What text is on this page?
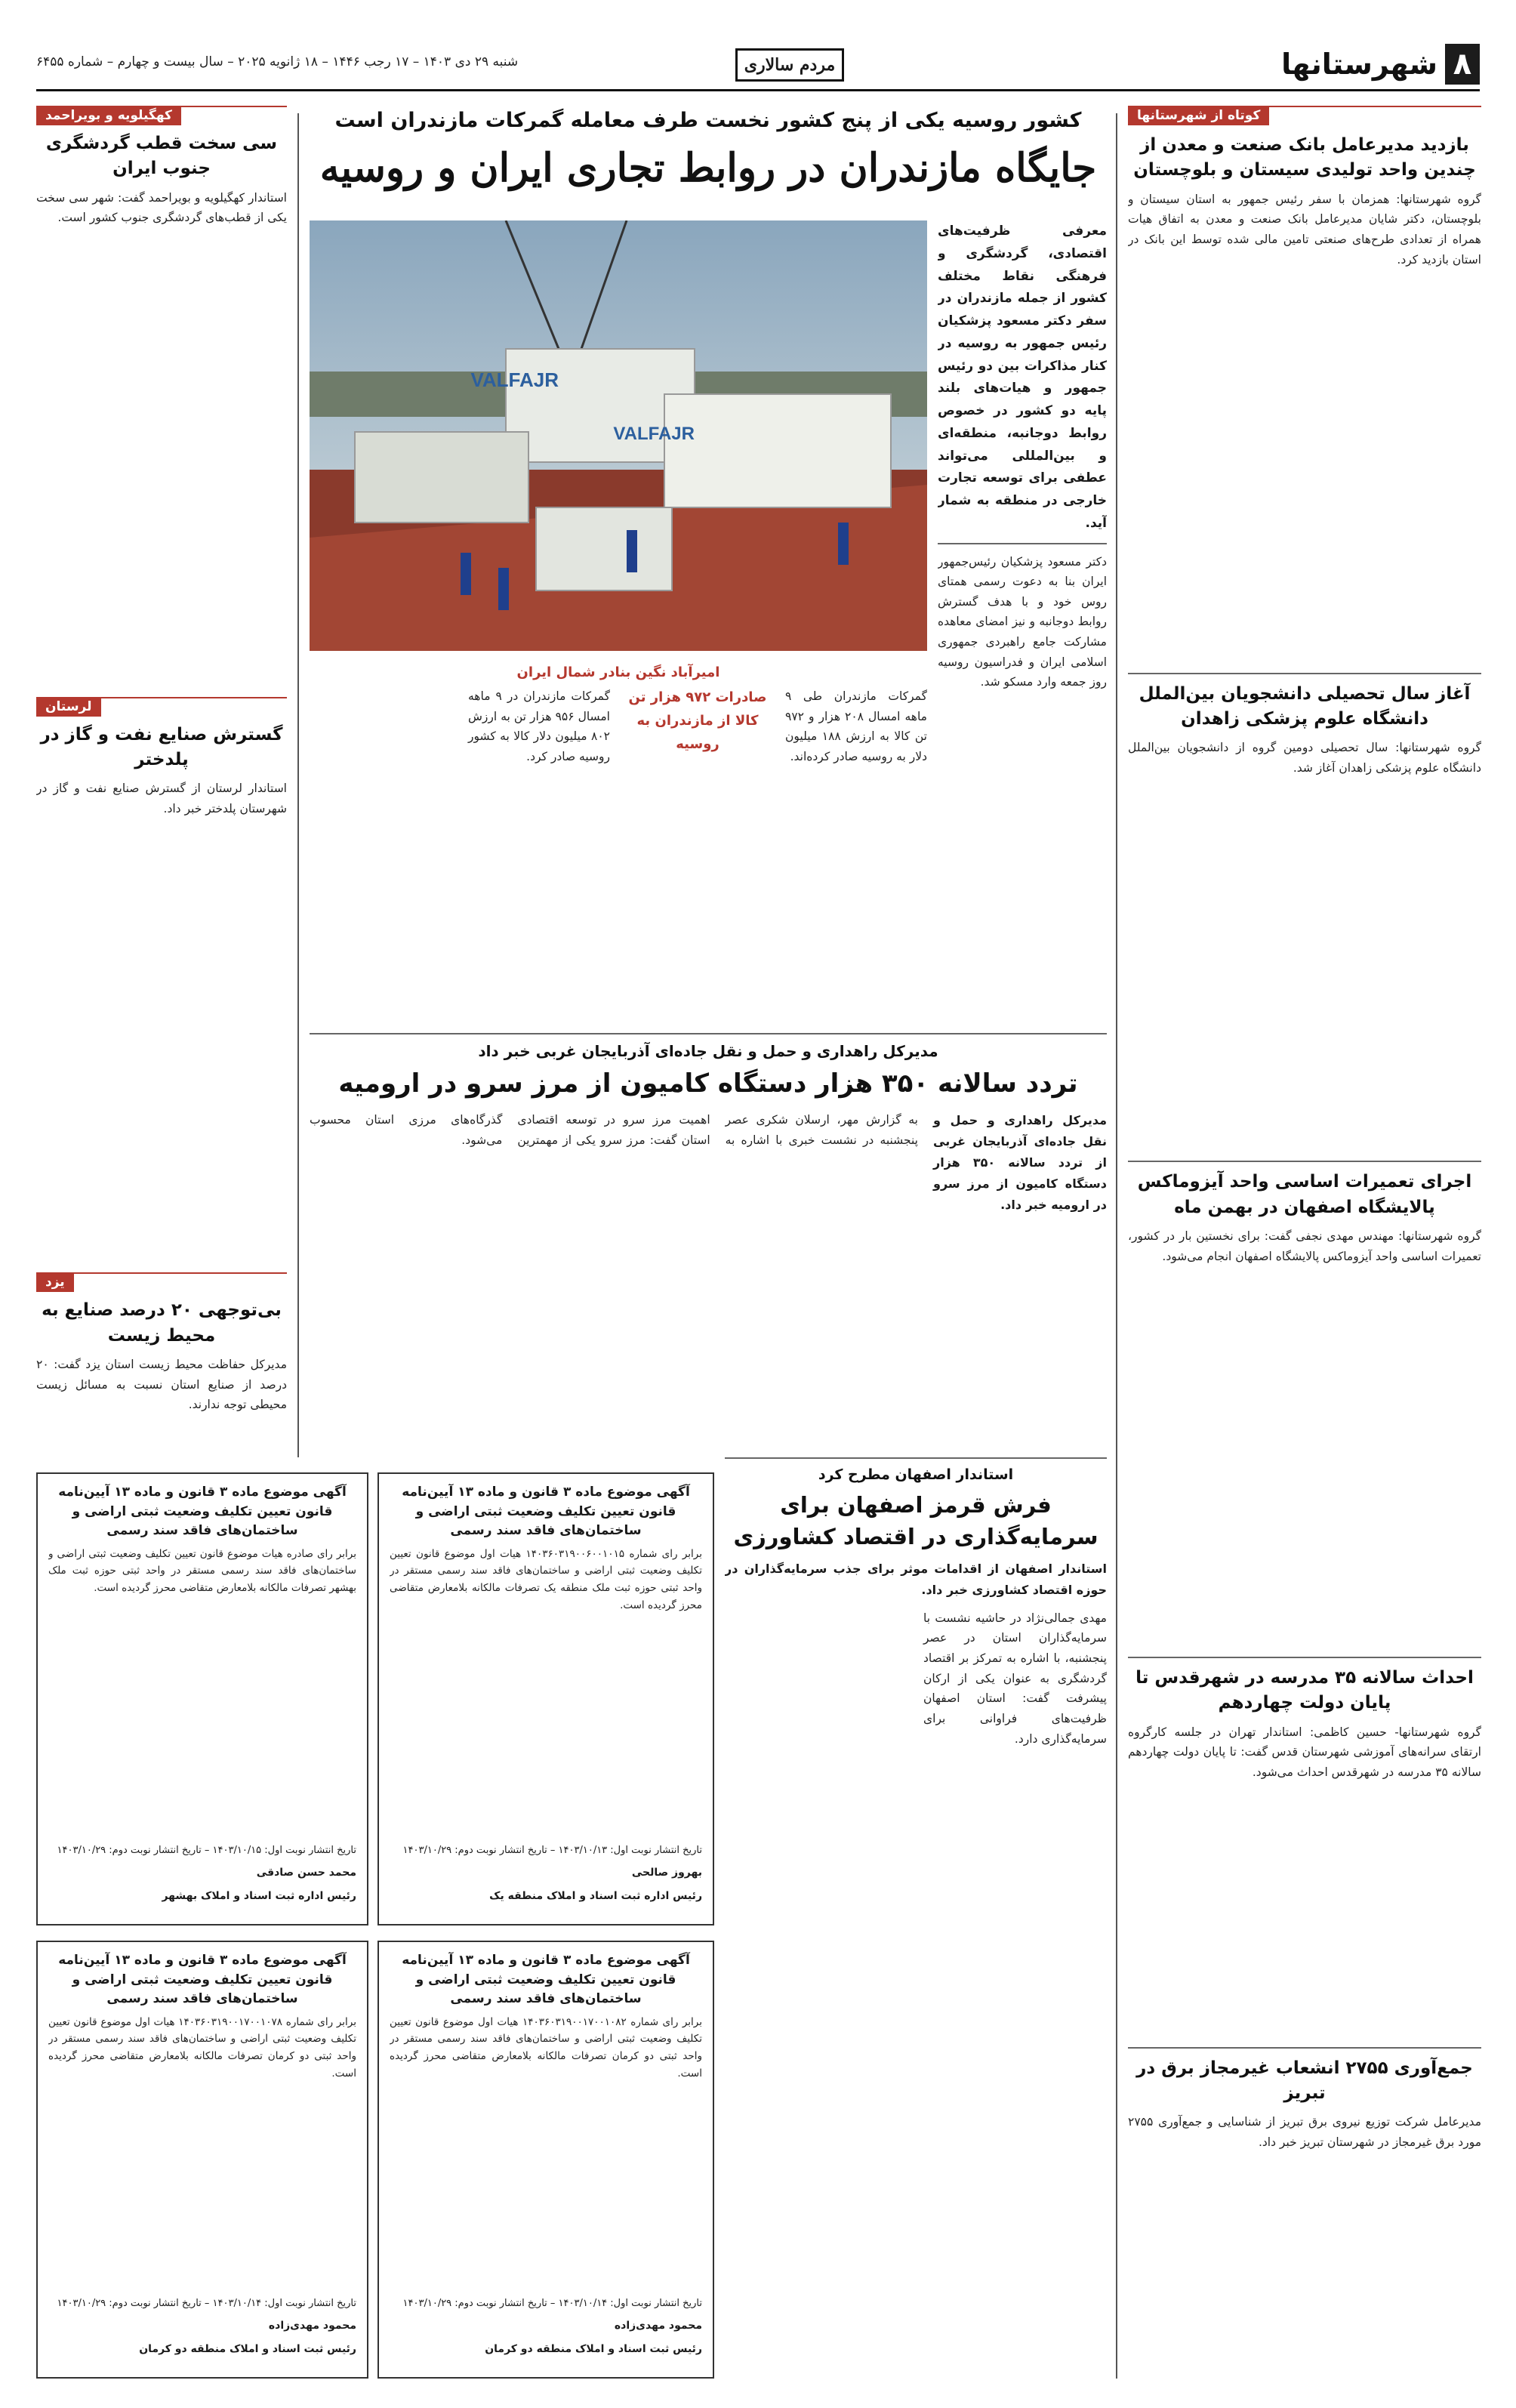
۸
شهرستانها
مردم سالاری
شنبه ۲۹ دی ۱۴۰۳ – ۱۷ رجب ۱۴۴۶ – ۱۸ ژانویه ۲۰۲۵ – سال بیست و چهارم – شماره ۶۴۵۵
کوتاه از شهرستانها
بازدید مدیرعامل بانک صنعت و معدن از چندین واحد تولیدی سیستان و بلوچستان

گروه شهرستانها: همزمان با سفر رئیس جمهور به استان سیستان و بلوچستان، دکتر شایان مدیرعامل بانک صنعت و معدن به اتفاق هیات همراه از تعدادی طرح‌های صنعتی تامین مالی شده توسط این بانک در استان بازدید کرد.

آغاز سال تحصیلی دانشجویان بین‌الملل دانشگاه علوم پزشکی زاهدان

گروه شهرستانها: سال تحصیلی دومین گروه از دانشجویان بین‌الملل دانشگاه علوم پزشکی زاهدان آغاز شد.

اجرای تعمیرات اساسی واحد آیزوماکس پالایشگاه اصفهان در بهمن ماه

گروه شهرستانها: مهندس مهدی نجفی گفت: برای نخستین بار در کشور، تعمیرات اساسی واحد آیزوماکس پالایشگاه اصفهان انجام می‌شود.

احداث سالانه ۳۵ مدرسه در شهرقدس تا پایان دولت چهاردهم

گروه شهرستانها- حسین کاظمی: استاندار تهران در جلسه کارگروه ارتقای سرانه‌های آموزشی شهرستان قدس گفت: تا پایان دولت چهاردهم سالانه ۳۵ مدرسه در شهرقدس احداث می‌شود.

جمع‌آوری ۲۷۵۵ انشعاب غیرمجاز برق در تبریز

مدیرعامل شرکت توزیع نیروی برق تبریز از شناسایی و جمع‌آوری ۲۷۵۵ مورد برق غیرمجاز در شهرستان تبریز خبر داد.

کشور روسیه یکی از پنج کشور نخست طرف معامله گمرکات مازندران است
جایگاه مازندران در روابط تجاری ایران و روسیه
معرفی ظرفیت‌های اقتصادی، گردشگری و فرهنگی نقاط مختلف کشور از جمله مازندران در سفر دکتر مسعود پزشکیان رئیس جمهور به روسیه در کنار مذاکرات بین دو رئیس جمهور و هیات‌های بلند پایه دو کشور در خصوص روابط دوجانبه، منطقه‌ای و بین‌المللی می‌تواند عطفی برای توسعه تجارت خارجی در منطقه به شمار آید.
دکتر مسعود پزشکیان رئیس‌جمهور ایران بنا به دعوت رسمی همتای روس خود و با هدف گسترش روابط دوجانبه و نیز امضای معاهده مشارکت جامع راهبردی جمهوری اسلامی ایران و فدراسیون روسیه روز جمعه وارد مسکو شد.
VALFAJR
VALFAJR
امیرآباد نگین بنادر شمال ایران

گمرکات مازندران طی ۹ ماهه امسال ۲۰۸ هزار و ۹۷۲ تن کالا به ارزش ۱۸۸ میلیون دلار به روسیه صادر کرده‌اند.

صادرات ۹۷۲ هزار تن کالا از مازندران به روسیه

گمرکات مازندران در ۹ ماهه امسال ۹۵۶ هزار تن به ارزش ۸۰۲ میلیون دلار کالا به کشور روسیه صادر کرد.

کهگیلویه و بویراحمد
سی سخت قطب گردشگری جنوب ایران

استاندار کهگیلویه و بویراحمد گفت: شهر سی سخت یکی از قطب‌های گردشگری جنوب کشور است.

لرستان
گسترش صنایع نفت و گاز در پلدختر

استاندار لرستان از گسترش صنایع نفت و گاز در شهرستان پلدختر خبر داد.

یزد
بی‌توجهی ۲۰ درصد صنایع به محیط زیست

مدیرکل حفاظت محیط زیست استان یزد گفت: ۲۰ درصد از صنایع استان نسبت به مسائل زیست محیطی توجه ندارند.

مدیرکل راهداری و حمل و نقل جاده‌ای آذربایجان غربی خبر داد
تردد سالانه ۳۵۰ هزار دستگاه کامیون از مرز سرو در ارومیه
مدیرکل راهداری و حمل و نقل جاده‌ای آذربایجان غربی از تردد سالانه ۳۵۰ هزار دستگاه کامیون از مرز سرو در ارومیه خبر داد.

به گزارش مهر، ارسلان شکری عصر پنجشنبه در نشست خبری با اشاره به اهمیت مرز سرو در توسعه اقتصادی استان گفت: مرز سرو یکی از مهمترین گذرگاه‌های مرزی استان محسوب می‌شود.

استاندار اصفهان مطرح کرد
فرش قرمز اصفهان برای سرمایه‌گذاری در اقتصاد کشاورزی
استاندار اصفهان از اقدامات موثر برای جذب سرمایه‌گذاران در حوزه اقتصاد کشاورزی خبر داد.

مهدی جمالی‌نژاد در حاشیه نشست با سرمایه‌گذاران استان در عصر پنجشنبه، با اشاره به تمرکز بر اقتصاد گردشگری به عنوان یکی از ارکان پیشرفت گفت: استان اصفهان ظرفیت‌های فراوانی برای سرمایه‌گذاری دارد.

آگهی موضوع ماده ۳ قانون و ماده ۱۳ آیین‌نامه قانون تعیین تکلیف وضعیت ثبتی اراضی و ساختمان‌های فاقد سند رسمی
برابر رای صادره هیات موضوع قانون تعیین تکلیف وضعیت ثبتی اراضی و ساختمان‌های فاقد سند رسمی مستقر در واحد ثبتی حوزه ثبت ملک بهشهر تصرفات مالکانه بلامعارض متقاضی محرز گردیده است.
تاریخ انتشار نوبت اول: ۱۴۰۳/۱۰/۱۵ – تاریخ انتشار نوبت دوم: ۱۴۰۳/۱۰/۲۹
محمد حسن صادقی
رئیس اداره ثبت اسناد و املاک بهشهر
آگهی موضوع ماده ۳ قانون و ماده ۱۳ آیین‌نامه قانون تعیین تکلیف وضعیت ثبتی اراضی و ساختمان‌های فاقد سند رسمی
برابر رای شماره ۱۴۰۳۶۰۳۱۹۰۰۶۰۰۱۰۱۵ هیات اول موضوع قانون تعیین تکلیف وضعیت ثبتی اراضی و ساختمان‌های فاقد سند رسمی مستقر در واحد ثبتی حوزه ثبت ملک منطقه یک تصرفات مالکانه بلامعارض متقاضی محرز گردیده است.
تاریخ انتشار نوبت اول: ۱۴۰۳/۱۰/۱۳ – تاریخ انتشار نوبت دوم: ۱۴۰۳/۱۰/۲۹
بهروز صالحی
رئیس اداره ثبت اسناد و املاک منطقه یک
آگهی موضوع ماده ۳ قانون و ماده ۱۳ آیین‌نامه قانون تعیین تکلیف وضعیت ثبتی اراضی و ساختمان‌های فاقد سند رسمی
برابر رای شماره ۱۴۰۳۶۰۳۱۹۰۰۱۷۰۰۱۰۷۸ هیات اول موضوع قانون تعیین تکلیف وضعیت ثبتی اراضی و ساختمان‌های فاقد سند رسمی مستقر در واحد ثبتی دو کرمان تصرفات مالکانه بلامعارض متقاضی محرز گردیده است.
تاریخ انتشار نوبت اول: ۱۴۰۳/۱۰/۱۴ – تاریخ انتشار نوبت دوم: ۱۴۰۳/۱۰/۲۹
محمود مهدی‌زاده
رئیس ثبت اسناد و املاک منطقه دو کرمان
آگهی موضوع ماده ۳ قانون و ماده ۱۳ آیین‌نامه قانون تعیین تکلیف وضعیت ثبتی اراضی و ساختمان‌های فاقد سند رسمی
برابر رای شماره ۱۴۰۳۶۰۳۱۹۰۰۱۷۰۰۱۰۸۲ هیات اول موضوع قانون تعیین تکلیف وضعیت ثبتی اراضی و ساختمان‌های فاقد سند رسمی مستقر در واحد ثبتی دو کرمان تصرفات مالکانه بلامعارض متقاضی محرز گردیده است.
تاریخ انتشار نوبت اول: ۱۴۰۳/۱۰/۱۴ – تاریخ انتشار نوبت دوم: ۱۴۰۳/۱۰/۲۹
محمود مهدی‌زاده
رئیس ثبت اسناد و املاک منطقه دو کرمان
